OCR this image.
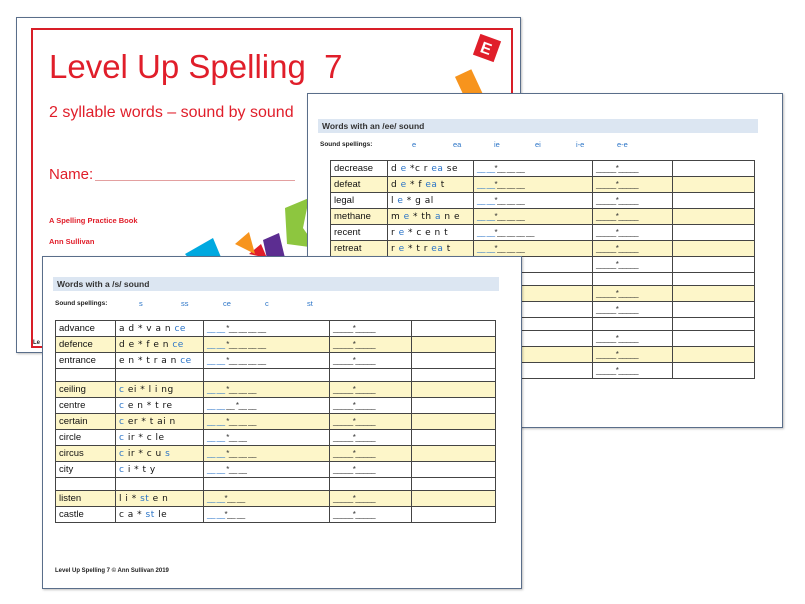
E
Level Up Spelling  7
2 syllable words – sound by sound
Name:
A Spelling Practice Book
Ann Sullivan
Le
Words with an /ee/ sound
Sound spellings:	e	ea	ie	ei	i-e	e-e
decrease	d e *c r ea se	__ __*__ __ __	_____*_____	
defeat	d e * f ea t	__ __*__ __ __	_____*_____	
legal	l e * g al	__ __*__ __ __	_____*_____	
methane	m e * th a n e	__ __*__ __ __	_____*_____	
recent	r e * c e n t	__ __*__ __ __ __	_____*_____	
retreat	r e * t r ea t	__ __*__ __ __	_____*_____	
			_____*_____	

			_____*_____	
			_____*_____	

			_____*_____	
			_____*_____	
			_____*_____	
Words with a /s/ sound
Sound spellings:	s	ss	ce	c	st
advance	a d * v a n ce	__ __ *__ __ __ __	_____*_____	
defence	d e * f e n ce	__ __ *__ __ __ __	_____*_____	
entrance	e n * t r a n ce	__ __ *__ __ __ __	_____*_____	

ceiling	c ei * l i ng	__ __ *__ __ __	_____*_____	
centre	c e n * t re	__ __ __ *__ __	_____*_____	
certain	c er * t ai n	__ __ *__ __ __	_____*_____	
circle	c ir * c le	__ __ *__ __	_____*_____	
circus	c ir * c u s	__ __ *__ __ __	_____*_____	
city	c i * t y	__ __ *__ __	_____*_____	

listen	l i * st e n	__ __*__ __	_____*_____	
castle	c a * st le	__ __*__ __	_____*_____	
Level Up Spelling 7 © Ann Sullivan 2019
